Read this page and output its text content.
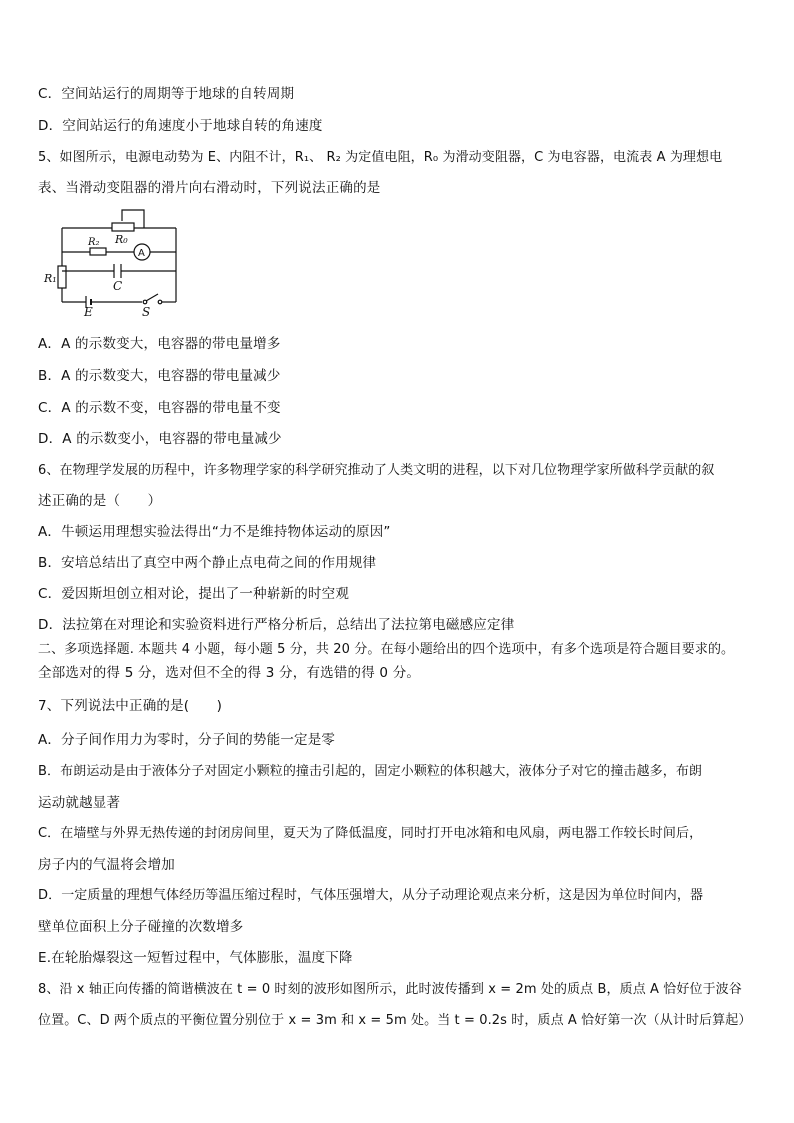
C．空间站运行的周期等于地球的自转周期
D．空间站运行的角速度小于地球自转的角速度
5、如图所示，电源电动势为 E、内阻不计，R₁、 R₂ 为定值电阻，R₀ 为滑动变阻器，C 为电容器，电流表 A 为理想电
表、当滑动变阻器的滑片向右滑动时，下列说法正确的是
R₀
R₂
A
C
R₁
E	S
A．A 的示数变大，电容器的带电量增多
B．A 的示数变大，电容器的带电量减少
C．A 的示数不变，电容器的带电量不变
D．A 的示数变小，电容器的带电量减少
6、在物理学发展的历程中，许多物理学家的科学研究推动了人类文明的进程，以下对几位物理学家所做科学贡献的叙
述正确的是（　　）
A．牛顿运用理想实验法得出“力不是维持物体运动的原因”
B．安培总结出了真空中两个静止点电荷之间的作用规律
C．爱因斯坦创立相对论，提出了一种崭新的时空观
D．法拉第在对理论和实验资料进行严格分析后，总结出了法拉第电磁感应定律
二、多项选择题. 本题共 4 小题，每小题 5 分，共 20 分。在每小题给出的四个选项中，有多个选项是符合题目要求的。
全部选对的得 5 分，选对但不全的得 3 分，有选错的得 0 分。
7、下列说法中正确的是(　　)
A．分子间作用力为零时，分子间的势能一定是零
B．布朗运动是由于液体分子对固定小颗粒的撞击引起的，固定小颗粒的体积越大，液体分子对它的撞击越多，布朗
运动就越显著
C．在墙壁与外界无热传递的封闭房间里，夏天为了降低温度，同时打开电冰箱和电风扇，两电器工作较长时间后，
房子内的气温将会增加
D．一定质量的理想气体经历等温压缩过程时，气体压强增大，从分子动理论观点来分析，这是因为单位时间内，器
壁单位面积上分子碰撞的次数增多
E.在轮胎爆裂这一短暂过程中，气体膨胀，温度下降
8、沿 x 轴正向传播的简谐横波在 t = 0 时刻的波形如图所示，此时波传播到 x = 2m 处的质点 B，质点 A 恰好位于波谷
位置。C、D 两个质点的平衡位置分别位于 x = 3m 和 x = 5m 处。当 t = 0.2s 时，质点 A 恰好第一次（从计时后算起）
